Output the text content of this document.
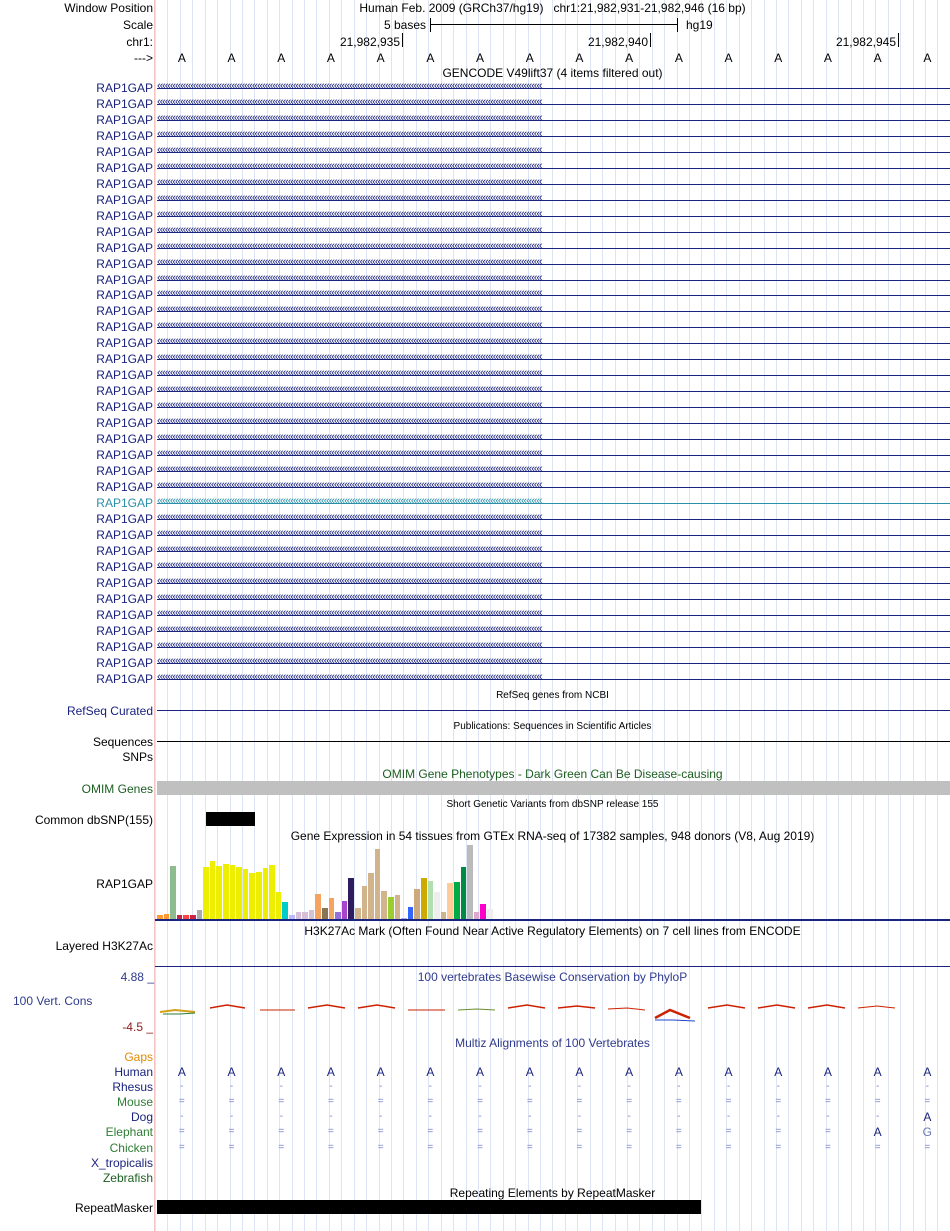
Window Position	Human Feb. 2009 (GRCh37/hg19)   chr1:21,982,931-21,982,946 (16 bp)
Scale	5 bases	hg19
chr1:	21,982,935	21,982,940	21,982,945
---> A	A	A	A	A	A	A	A	A	A	A	A	A	A	A	A
GENCODE V49lift37 (4 items filtered out)
RAP1GAP ‹‹‹‹‹‹‹‹‹‹‹‹‹‹‹‹‹‹‹‹‹‹‹‹‹‹‹‹‹‹‹‹‹‹‹‹‹‹‹‹‹‹‹‹‹‹‹‹‹‹‹‹‹‹‹‹‹‹‹‹‹‹‹‹‹‹‹‹‹‹‹‹‹‹‹‹‹‹‹‹‹‹‹‹‹‹‹‹‹‹‹‹‹‹‹‹‹‹‹‹‹‹‹‹‹‹‹‹‹‹‹‹‹‹‹‹‹‹‹‹‹‹‹‹‹‹‹‹‹‹‹‹‹‹‹‹‹‹‹‹‹‹‹‹‹‹‹‹‹‹
RAP1GAP ‹‹‹‹‹‹‹‹‹‹‹‹‹‹‹‹‹‹‹‹‹‹‹‹‹‹‹‹‹‹‹‹‹‹‹‹‹‹‹‹‹‹‹‹‹‹‹‹‹‹‹‹‹‹‹‹‹‹‹‹‹‹‹‹‹‹‹‹‹‹‹‹‹‹‹‹‹‹‹‹‹‹‹‹‹‹‹‹‹‹‹‹‹‹‹‹‹‹‹‹‹‹‹‹‹‹‹‹‹‹‹‹‹‹‹‹‹‹‹‹‹‹‹‹‹‹‹‹‹‹‹‹‹‹‹‹‹‹‹‹‹‹‹‹‹‹‹‹‹‹
RAP1GAP ‹‹‹‹‹‹‹‹‹‹‹‹‹‹‹‹‹‹‹‹‹‹‹‹‹‹‹‹‹‹‹‹‹‹‹‹‹‹‹‹‹‹‹‹‹‹‹‹‹‹‹‹‹‹‹‹‹‹‹‹‹‹‹‹‹‹‹‹‹‹‹‹‹‹‹‹‹‹‹‹‹‹‹‹‹‹‹‹‹‹‹‹‹‹‹‹‹‹‹‹‹‹‹‹‹‹‹‹‹‹‹‹‹‹‹‹‹‹‹‹‹‹‹‹‹‹‹‹‹‹‹‹‹‹‹‹‹‹‹‹‹‹‹‹‹‹‹‹‹‹
RAP1GAP ‹‹‹‹‹‹‹‹‹‹‹‹‹‹‹‹‹‹‹‹‹‹‹‹‹‹‹‹‹‹‹‹‹‹‹‹‹‹‹‹‹‹‹‹‹‹‹‹‹‹‹‹‹‹‹‹‹‹‹‹‹‹‹‹‹‹‹‹‹‹‹‹‹‹‹‹‹‹‹‹‹‹‹‹‹‹‹‹‹‹‹‹‹‹‹‹‹‹‹‹‹‹‹‹‹‹‹‹‹‹‹‹‹‹‹‹‹‹‹‹‹‹‹‹‹‹‹‹‹‹‹‹‹‹‹‹‹‹‹‹‹‹‹‹‹‹‹‹‹‹
RAP1GAP ‹‹‹‹‹‹‹‹‹‹‹‹‹‹‹‹‹‹‹‹‹‹‹‹‹‹‹‹‹‹‹‹‹‹‹‹‹‹‹‹‹‹‹‹‹‹‹‹‹‹‹‹‹‹‹‹‹‹‹‹‹‹‹‹‹‹‹‹‹‹‹‹‹‹‹‹‹‹‹‹‹‹‹‹‹‹‹‹‹‹‹‹‹‹‹‹‹‹‹‹‹‹‹‹‹‹‹‹‹‹‹‹‹‹‹‹‹‹‹‹‹‹‹‹‹‹‹‹‹‹‹‹‹‹‹‹‹‹‹‹‹‹‹‹‹‹‹‹‹‹
RAP1GAP ‹‹‹‹‹‹‹‹‹‹‹‹‹‹‹‹‹‹‹‹‹‹‹‹‹‹‹‹‹‹‹‹‹‹‹‹‹‹‹‹‹‹‹‹‹‹‹‹‹‹‹‹‹‹‹‹‹‹‹‹‹‹‹‹‹‹‹‹‹‹‹‹‹‹‹‹‹‹‹‹‹‹‹‹‹‹‹‹‹‹‹‹‹‹‹‹‹‹‹‹‹‹‹‹‹‹‹‹‹‹‹‹‹‹‹‹‹‹‹‹‹‹‹‹‹‹‹‹‹‹‹‹‹‹‹‹‹‹‹‹‹‹‹‹‹‹‹‹‹‹
RAP1GAP ‹‹‹‹‹‹‹‹‹‹‹‹‹‹‹‹‹‹‹‹‹‹‹‹‹‹‹‹‹‹‹‹‹‹‹‹‹‹‹‹‹‹‹‹‹‹‹‹‹‹‹‹‹‹‹‹‹‹‹‹‹‹‹‹‹‹‹‹‹‹‹‹‹‹‹‹‹‹‹‹‹‹‹‹‹‹‹‹‹‹‹‹‹‹‹‹‹‹‹‹‹‹‹‹‹‹‹‹‹‹‹‹‹‹‹‹‹‹‹‹‹‹‹‹‹‹‹‹‹‹‹‹‹‹‹‹‹‹‹‹‹‹‹‹‹‹‹‹‹‹
RAP1GAP ‹‹‹‹‹‹‹‹‹‹‹‹‹‹‹‹‹‹‹‹‹‹‹‹‹‹‹‹‹‹‹‹‹‹‹‹‹‹‹‹‹‹‹‹‹‹‹‹‹‹‹‹‹‹‹‹‹‹‹‹‹‹‹‹‹‹‹‹‹‹‹‹‹‹‹‹‹‹‹‹‹‹‹‹‹‹‹‹‹‹‹‹‹‹‹‹‹‹‹‹‹‹‹‹‹‹‹‹‹‹‹‹‹‹‹‹‹‹‹‹‹‹‹‹‹‹‹‹‹‹‹‹‹‹‹‹‹‹‹‹‹‹‹‹‹‹‹‹‹‹
RAP1GAP ‹‹‹‹‹‹‹‹‹‹‹‹‹‹‹‹‹‹‹‹‹‹‹‹‹‹‹‹‹‹‹‹‹‹‹‹‹‹‹‹‹‹‹‹‹‹‹‹‹‹‹‹‹‹‹‹‹‹‹‹‹‹‹‹‹‹‹‹‹‹‹‹‹‹‹‹‹‹‹‹‹‹‹‹‹‹‹‹‹‹‹‹‹‹‹‹‹‹‹‹‹‹‹‹‹‹‹‹‹‹‹‹‹‹‹‹‹‹‹‹‹‹‹‹‹‹‹‹‹‹‹‹‹‹‹‹‹‹‹‹‹‹‹‹‹‹‹‹‹‹
RAP1GAP ‹‹‹‹‹‹‹‹‹‹‹‹‹‹‹‹‹‹‹‹‹‹‹‹‹‹‹‹‹‹‹‹‹‹‹‹‹‹‹‹‹‹‹‹‹‹‹‹‹‹‹‹‹‹‹‹‹‹‹‹‹‹‹‹‹‹‹‹‹‹‹‹‹‹‹‹‹‹‹‹‹‹‹‹‹‹‹‹‹‹‹‹‹‹‹‹‹‹‹‹‹‹‹‹‹‹‹‹‹‹‹‹‹‹‹‹‹‹‹‹‹‹‹‹‹‹‹‹‹‹‹‹‹‹‹‹‹‹‹‹‹‹‹‹‹‹‹‹‹‹
RAP1GAP ‹‹‹‹‹‹‹‹‹‹‹‹‹‹‹‹‹‹‹‹‹‹‹‹‹‹‹‹‹‹‹‹‹‹‹‹‹‹‹‹‹‹‹‹‹‹‹‹‹‹‹‹‹‹‹‹‹‹‹‹‹‹‹‹‹‹‹‹‹‹‹‹‹‹‹‹‹‹‹‹‹‹‹‹‹‹‹‹‹‹‹‹‹‹‹‹‹‹‹‹‹‹‹‹‹‹‹‹‹‹‹‹‹‹‹‹‹‹‹‹‹‹‹‹‹‹‹‹‹‹‹‹‹‹‹‹‹‹‹‹‹‹‹‹‹‹‹‹‹‹
RAP1GAP ‹‹‹‹‹‹‹‹‹‹‹‹‹‹‹‹‹‹‹‹‹‹‹‹‹‹‹‹‹‹‹‹‹‹‹‹‹‹‹‹‹‹‹‹‹‹‹‹‹‹‹‹‹‹‹‹‹‹‹‹‹‹‹‹‹‹‹‹‹‹‹‹‹‹‹‹‹‹‹‹‹‹‹‹‹‹‹‹‹‹‹‹‹‹‹‹‹‹‹‹‹‹‹‹‹‹‹‹‹‹‹‹‹‹‹‹‹‹‹‹‹‹‹‹‹‹‹‹‹‹‹‹‹‹‹‹‹‹‹‹‹‹‹‹‹‹‹‹‹‹
RAP1GAP ‹‹‹‹‹‹‹‹‹‹‹‹‹‹‹‹‹‹‹‹‹‹‹‹‹‹‹‹‹‹‹‹‹‹‹‹‹‹‹‹‹‹‹‹‹‹‹‹‹‹‹‹‹‹‹‹‹‹‹‹‹‹‹‹‹‹‹‹‹‹‹‹‹‹‹‹‹‹‹‹‹‹‹‹‹‹‹‹‹‹‹‹‹‹‹‹‹‹‹‹‹‹‹‹‹‹‹‹‹‹‹‹‹‹‹‹‹‹‹‹‹‹‹‹‹‹‹‹‹‹‹‹‹‹‹‹‹‹‹‹‹‹‹‹‹‹‹‹‹‹
RAP1GAP ‹‹‹‹‹‹‹‹‹‹‹‹‹‹‹‹‹‹‹‹‹‹‹‹‹‹‹‹‹‹‹‹‹‹‹‹‹‹‹‹‹‹‹‹‹‹‹‹‹‹‹‹‹‹‹‹‹‹‹‹‹‹‹‹‹‹‹‹‹‹‹‹‹‹‹‹‹‹‹‹‹‹‹‹‹‹‹‹‹‹‹‹‹‹‹‹‹‹‹‹‹‹‹‹‹‹‹‹‹‹‹‹‹‹‹‹‹‹‹‹‹‹‹‹‹‹‹‹‹‹‹‹‹‹‹‹‹‹‹‹‹‹‹‹‹‹‹‹‹‹
RAP1GAP ‹‹‹‹‹‹‹‹‹‹‹‹‹‹‹‹‹‹‹‹‹‹‹‹‹‹‹‹‹‹‹‹‹‹‹‹‹‹‹‹‹‹‹‹‹‹‹‹‹‹‹‹‹‹‹‹‹‹‹‹‹‹‹‹‹‹‹‹‹‹‹‹‹‹‹‹‹‹‹‹‹‹‹‹‹‹‹‹‹‹‹‹‹‹‹‹‹‹‹‹‹‹‹‹‹‹‹‹‹‹‹‹‹‹‹‹‹‹‹‹‹‹‹‹‹‹‹‹‹‹‹‹‹‹‹‹‹‹‹‹‹‹‹‹‹‹‹‹‹‹
RAP1GAP ‹‹‹‹‹‹‹‹‹‹‹‹‹‹‹‹‹‹‹‹‹‹‹‹‹‹‹‹‹‹‹‹‹‹‹‹‹‹‹‹‹‹‹‹‹‹‹‹‹‹‹‹‹‹‹‹‹‹‹‹‹‹‹‹‹‹‹‹‹‹‹‹‹‹‹‹‹‹‹‹‹‹‹‹‹‹‹‹‹‹‹‹‹‹‹‹‹‹‹‹‹‹‹‹‹‹‹‹‹‹‹‹‹‹‹‹‹‹‹‹‹‹‹‹‹‹‹‹‹‹‹‹‹‹‹‹‹‹‹‹‹‹‹‹‹‹‹‹‹‹
RAP1GAP ‹‹‹‹‹‹‹‹‹‹‹‹‹‹‹‹‹‹‹‹‹‹‹‹‹‹‹‹‹‹‹‹‹‹‹‹‹‹‹‹‹‹‹‹‹‹‹‹‹‹‹‹‹‹‹‹‹‹‹‹‹‹‹‹‹‹‹‹‹‹‹‹‹‹‹‹‹‹‹‹‹‹‹‹‹‹‹‹‹‹‹‹‹‹‹‹‹‹‹‹‹‹‹‹‹‹‹‹‹‹‹‹‹‹‹‹‹‹‹‹‹‹‹‹‹‹‹‹‹‹‹‹‹‹‹‹‹‹‹‹‹‹‹‹‹‹‹‹‹‹
RAP1GAP ‹‹‹‹‹‹‹‹‹‹‹‹‹‹‹‹‹‹‹‹‹‹‹‹‹‹‹‹‹‹‹‹‹‹‹‹‹‹‹‹‹‹‹‹‹‹‹‹‹‹‹‹‹‹‹‹‹‹‹‹‹‹‹‹‹‹‹‹‹‹‹‹‹‹‹‹‹‹‹‹‹‹‹‹‹‹‹‹‹‹‹‹‹‹‹‹‹‹‹‹‹‹‹‹‹‹‹‹‹‹‹‹‹‹‹‹‹‹‹‹‹‹‹‹‹‹‹‹‹‹‹‹‹‹‹‹‹‹‹‹‹‹‹‹‹‹‹‹‹‹
RAP1GAP ‹‹‹‹‹‹‹‹‹‹‹‹‹‹‹‹‹‹‹‹‹‹‹‹‹‹‹‹‹‹‹‹‹‹‹‹‹‹‹‹‹‹‹‹‹‹‹‹‹‹‹‹‹‹‹‹‹‹‹‹‹‹‹‹‹‹‹‹‹‹‹‹‹‹‹‹‹‹‹‹‹‹‹‹‹‹‹‹‹‹‹‹‹‹‹‹‹‹‹‹‹‹‹‹‹‹‹‹‹‹‹‹‹‹‹‹‹‹‹‹‹‹‹‹‹‹‹‹‹‹‹‹‹‹‹‹‹‹‹‹‹‹‹‹‹‹‹‹‹‹
RAP1GAP ‹‹‹‹‹‹‹‹‹‹‹‹‹‹‹‹‹‹‹‹‹‹‹‹‹‹‹‹‹‹‹‹‹‹‹‹‹‹‹‹‹‹‹‹‹‹‹‹‹‹‹‹‹‹‹‹‹‹‹‹‹‹‹‹‹‹‹‹‹‹‹‹‹‹‹‹‹‹‹‹‹‹‹‹‹‹‹‹‹‹‹‹‹‹‹‹‹‹‹‹‹‹‹‹‹‹‹‹‹‹‹‹‹‹‹‹‹‹‹‹‹‹‹‹‹‹‹‹‹‹‹‹‹‹‹‹‹‹‹‹‹‹‹‹‹‹‹‹‹‹
RAP1GAP ‹‹‹‹‹‹‹‹‹‹‹‹‹‹‹‹‹‹‹‹‹‹‹‹‹‹‹‹‹‹‹‹‹‹‹‹‹‹‹‹‹‹‹‹‹‹‹‹‹‹‹‹‹‹‹‹‹‹‹‹‹‹‹‹‹‹‹‹‹‹‹‹‹‹‹‹‹‹‹‹‹‹‹‹‹‹‹‹‹‹‹‹‹‹‹‹‹‹‹‹‹‹‹‹‹‹‹‹‹‹‹‹‹‹‹‹‹‹‹‹‹‹‹‹‹‹‹‹‹‹‹‹‹‹‹‹‹‹‹‹‹‹‹‹‹‹‹‹‹‹
RAP1GAP ‹‹‹‹‹‹‹‹‹‹‹‹‹‹‹‹‹‹‹‹‹‹‹‹‹‹‹‹‹‹‹‹‹‹‹‹‹‹‹‹‹‹‹‹‹‹‹‹‹‹‹‹‹‹‹‹‹‹‹‹‹‹‹‹‹‹‹‹‹‹‹‹‹‹‹‹‹‹‹‹‹‹‹‹‹‹‹‹‹‹‹‹‹‹‹‹‹‹‹‹‹‹‹‹‹‹‹‹‹‹‹‹‹‹‹‹‹‹‹‹‹‹‹‹‹‹‹‹‹‹‹‹‹‹‹‹‹‹‹‹‹‹‹‹‹‹‹‹‹‹
RAP1GAP ‹‹‹‹‹‹‹‹‹‹‹‹‹‹‹‹‹‹‹‹‹‹‹‹‹‹‹‹‹‹‹‹‹‹‹‹‹‹‹‹‹‹‹‹‹‹‹‹‹‹‹‹‹‹‹‹‹‹‹‹‹‹‹‹‹‹‹‹‹‹‹‹‹‹‹‹‹‹‹‹‹‹‹‹‹‹‹‹‹‹‹‹‹‹‹‹‹‹‹‹‹‹‹‹‹‹‹‹‹‹‹‹‹‹‹‹‹‹‹‹‹‹‹‹‹‹‹‹‹‹‹‹‹‹‹‹‹‹‹‹‹‹‹‹‹‹‹‹‹‹
RAP1GAP ‹‹‹‹‹‹‹‹‹‹‹‹‹‹‹‹‹‹‹‹‹‹‹‹‹‹‹‹‹‹‹‹‹‹‹‹‹‹‹‹‹‹‹‹‹‹‹‹‹‹‹‹‹‹‹‹‹‹‹‹‹‹‹‹‹‹‹‹‹‹‹‹‹‹‹‹‹‹‹‹‹‹‹‹‹‹‹‹‹‹‹‹‹‹‹‹‹‹‹‹‹‹‹‹‹‹‹‹‹‹‹‹‹‹‹‹‹‹‹‹‹‹‹‹‹‹‹‹‹‹‹‹‹‹‹‹‹‹‹‹‹‹‹‹‹‹‹‹‹‹
RAP1GAP ‹‹‹‹‹‹‹‹‹‹‹‹‹‹‹‹‹‹‹‹‹‹‹‹‹‹‹‹‹‹‹‹‹‹‹‹‹‹‹‹‹‹‹‹‹‹‹‹‹‹‹‹‹‹‹‹‹‹‹‹‹‹‹‹‹‹‹‹‹‹‹‹‹‹‹‹‹‹‹‹‹‹‹‹‹‹‹‹‹‹‹‹‹‹‹‹‹‹‹‹‹‹‹‹‹‹‹‹‹‹‹‹‹‹‹‹‹‹‹‹‹‹‹‹‹‹‹‹‹‹‹‹‹‹‹‹‹‹‹‹‹‹‹‹‹‹‹‹‹‹
RAP1GAP ‹‹‹‹‹‹‹‹‹‹‹‹‹‹‹‹‹‹‹‹‹‹‹‹‹‹‹‹‹‹‹‹‹‹‹‹‹‹‹‹‹‹‹‹‹‹‹‹‹‹‹‹‹‹‹‹‹‹‹‹‹‹‹‹‹‹‹‹‹‹‹‹‹‹‹‹‹‹‹‹‹‹‹‹‹‹‹‹‹‹‹‹‹‹‹‹‹‹‹‹‹‹‹‹‹‹‹‹‹‹‹‹‹‹‹‹‹‹‹‹‹‹‹‹‹‹‹‹‹‹‹‹‹‹‹‹‹‹‹‹‹‹‹‹‹‹‹‹‹‹
RAP1GAP ‹‹‹‹‹‹‹‹‹‹‹‹‹‹‹‹‹‹‹‹‹‹‹‹‹‹‹‹‹‹‹‹‹‹‹‹‹‹‹‹‹‹‹‹‹‹‹‹‹‹‹‹‹‹‹‹‹‹‹‹‹‹‹‹‹‹‹‹‹‹‹‹‹‹‹‹‹‹‹‹‹‹‹‹‹‹‹‹‹‹‹‹‹‹‹‹‹‹‹‹‹‹‹‹‹‹‹‹‹‹‹‹‹‹‹‹‹‹‹‹‹‹‹‹‹‹‹‹‹‹‹‹‹‹‹‹‹‹‹‹‹‹‹‹‹‹‹‹‹‹
RAP1GAP ‹‹‹‹‹‹‹‹‹‹‹‹‹‹‹‹‹‹‹‹‹‹‹‹‹‹‹‹‹‹‹‹‹‹‹‹‹‹‹‹‹‹‹‹‹‹‹‹‹‹‹‹‹‹‹‹‹‹‹‹‹‹‹‹‹‹‹‹‹‹‹‹‹‹‹‹‹‹‹‹‹‹‹‹‹‹‹‹‹‹‹‹‹‹‹‹‹‹‹‹‹‹‹‹‹‹‹‹‹‹‹‹‹‹‹‹‹‹‹‹‹‹‹‹‹‹‹‹‹‹‹‹‹‹‹‹‹‹‹‹‹‹‹‹‹‹‹‹‹‹
RAP1GAP ‹‹‹‹‹‹‹‹‹‹‹‹‹‹‹‹‹‹‹‹‹‹‹‹‹‹‹‹‹‹‹‹‹‹‹‹‹‹‹‹‹‹‹‹‹‹‹‹‹‹‹‹‹‹‹‹‹‹‹‹‹‹‹‹‹‹‹‹‹‹‹‹‹‹‹‹‹‹‹‹‹‹‹‹‹‹‹‹‹‹‹‹‹‹‹‹‹‹‹‹‹‹‹‹‹‹‹‹‹‹‹‹‹‹‹‹‹‹‹‹‹‹‹‹‹‹‹‹‹‹‹‹‹‹‹‹‹‹‹‹‹‹‹‹‹‹‹‹‹‹
RAP1GAP ‹‹‹‹‹‹‹‹‹‹‹‹‹‹‹‹‹‹‹‹‹‹‹‹‹‹‹‹‹‹‹‹‹‹‹‹‹‹‹‹‹‹‹‹‹‹‹‹‹‹‹‹‹‹‹‹‹‹‹‹‹‹‹‹‹‹‹‹‹‹‹‹‹‹‹‹‹‹‹‹‹‹‹‹‹‹‹‹‹‹‹‹‹‹‹‹‹‹‹‹‹‹‹‹‹‹‹‹‹‹‹‹‹‹‹‹‹‹‹‹‹‹‹‹‹‹‹‹‹‹‹‹‹‹‹‹‹‹‹‹‹‹‹‹‹‹‹‹‹‹
RAP1GAP ‹‹‹‹‹‹‹‹‹‹‹‹‹‹‹‹‹‹‹‹‹‹‹‹‹‹‹‹‹‹‹‹‹‹‹‹‹‹‹‹‹‹‹‹‹‹‹‹‹‹‹‹‹‹‹‹‹‹‹‹‹‹‹‹‹‹‹‹‹‹‹‹‹‹‹‹‹‹‹‹‹‹‹‹‹‹‹‹‹‹‹‹‹‹‹‹‹‹‹‹‹‹‹‹‹‹‹‹‹‹‹‹‹‹‹‹‹‹‹‹‹‹‹‹‹‹‹‹‹‹‹‹‹‹‹‹‹‹‹‹‹‹‹‹‹‹‹‹‹‹
RAP1GAP ‹‹‹‹‹‹‹‹‹‹‹‹‹‹‹‹‹‹‹‹‹‹‹‹‹‹‹‹‹‹‹‹‹‹‹‹‹‹‹‹‹‹‹‹‹‹‹‹‹‹‹‹‹‹‹‹‹‹‹‹‹‹‹‹‹‹‹‹‹‹‹‹‹‹‹‹‹‹‹‹‹‹‹‹‹‹‹‹‹‹‹‹‹‹‹‹‹‹‹‹‹‹‹‹‹‹‹‹‹‹‹‹‹‹‹‹‹‹‹‹‹‹‹‹‹‹‹‹‹‹‹‹‹‹‹‹‹‹‹‹‹‹‹‹‹‹‹‹‹‹
RAP1GAP ‹‹‹‹‹‹‹‹‹‹‹‹‹‹‹‹‹‹‹‹‹‹‹‹‹‹‹‹‹‹‹‹‹‹‹‹‹‹‹‹‹‹‹‹‹‹‹‹‹‹‹‹‹‹‹‹‹‹‹‹‹‹‹‹‹‹‹‹‹‹‹‹‹‹‹‹‹‹‹‹‹‹‹‹‹‹‹‹‹‹‹‹‹‹‹‹‹‹‹‹‹‹‹‹‹‹‹‹‹‹‹‹‹‹‹‹‹‹‹‹‹‹‹‹‹‹‹‹‹‹‹‹‹‹‹‹‹‹‹‹‹‹‹‹‹‹‹‹‹‹
RAP1GAP ‹‹‹‹‹‹‹‹‹‹‹‹‹‹‹‹‹‹‹‹‹‹‹‹‹‹‹‹‹‹‹‹‹‹‹‹‹‹‹‹‹‹‹‹‹‹‹‹‹‹‹‹‹‹‹‹‹‹‹‹‹‹‹‹‹‹‹‹‹‹‹‹‹‹‹‹‹‹‹‹‹‹‹‹‹‹‹‹‹‹‹‹‹‹‹‹‹‹‹‹‹‹‹‹‹‹‹‹‹‹‹‹‹‹‹‹‹‹‹‹‹‹‹‹‹‹‹‹‹‹‹‹‹‹‹‹‹‹‹‹‹‹‹‹‹‹‹‹‹‹
RAP1GAP ‹‹‹‹‹‹‹‹‹‹‹‹‹‹‹‹‹‹‹‹‹‹‹‹‹‹‹‹‹‹‹‹‹‹‹‹‹‹‹‹‹‹‹‹‹‹‹‹‹‹‹‹‹‹‹‹‹‹‹‹‹‹‹‹‹‹‹‹‹‹‹‹‹‹‹‹‹‹‹‹‹‹‹‹‹‹‹‹‹‹‹‹‹‹‹‹‹‹‹‹‹‹‹‹‹‹‹‹‹‹‹‹‹‹‹‹‹‹‹‹‹‹‹‹‹‹‹‹‹‹‹‹‹‹‹‹‹‹‹‹‹‹‹‹‹‹‹‹‹‹
RAP1GAP ‹‹‹‹‹‹‹‹‹‹‹‹‹‹‹‹‹‹‹‹‹‹‹‹‹‹‹‹‹‹‹‹‹‹‹‹‹‹‹‹‹‹‹‹‹‹‹‹‹‹‹‹‹‹‹‹‹‹‹‹‹‹‹‹‹‹‹‹‹‹‹‹‹‹‹‹‹‹‹‹‹‹‹‹‹‹‹‹‹‹‹‹‹‹‹‹‹‹‹‹‹‹‹‹‹‹‹‹‹‹‹‹‹‹‹‹‹‹‹‹‹‹‹‹‹‹‹‹‹‹‹‹‹‹‹‹‹‹‹‹‹‹‹‹‹‹‹‹‹‹
RAP1GAP ‹‹‹‹‹‹‹‹‹‹‹‹‹‹‹‹‹‹‹‹‹‹‹‹‹‹‹‹‹‹‹‹‹‹‹‹‹‹‹‹‹‹‹‹‹‹‹‹‹‹‹‹‹‹‹‹‹‹‹‹‹‹‹‹‹‹‹‹‹‹‹‹‹‹‹‹‹‹‹‹‹‹‹‹‹‹‹‹‹‹‹‹‹‹‹‹‹‹‹‹‹‹‹‹‹‹‹‹‹‹‹‹‹‹‹‹‹‹‹‹‹‹‹‹‹‹‹‹‹‹‹‹‹‹‹‹‹‹‹‹‹‹‹‹‹‹‹‹‹‹
RAP1GAP ‹‹‹‹‹‹‹‹‹‹‹‹‹‹‹‹‹‹‹‹‹‹‹‹‹‹‹‹‹‹‹‹‹‹‹‹‹‹‹‹‹‹‹‹‹‹‹‹‹‹‹‹‹‹‹‹‹‹‹‹‹‹‹‹‹‹‹‹‹‹‹‹‹‹‹‹‹‹‹‹‹‹‹‹‹‹‹‹‹‹‹‹‹‹‹‹‹‹‹‹‹‹‹‹‹‹‹‹‹‹‹‹‹‹‹‹‹‹‹‹‹‹‹‹‹‹‹‹‹‹‹‹‹‹‹‹‹‹‹‹‹‹‹‹‹‹‹‹‹‹
RefSeq genes from NCBI
RefSeq Curated
Publications: Sequences in Scientific Articles
Sequences
SNPs
OMIM Gene Phenotypes - Dark Green Can Be Disease-causing
OMIM Genes
Short Genetic Variants from dbSNP release 155
Common dbSNP(155)
Gene Expression in 54 tissues from GTEx RNA-seq of 17382 samples, 948 donors (V8, Aug 2019)
RAP1GAP
H3K27Ac Mark (Often Found Near Active Regulatory Elements) on 7 cell lines from ENCODE
Layered H3K27Ac
100 vertebrates Basewise Conservation by PhyloP
4.88 _
100 Vert. Cons
-4.5 _
Multiz Alignments of 100 Vertebrates
Gaps
Human A	A	A	A	A	A	A	A	A	A	A	A	A	A	A	A
Rhesus	-	-	-	-	-	-	-	-	-	-	-	-	-	-	-	-
Mouse	=	=	=	=	=	=	=	=	=	=	=	=	=	=	=	=
Dog	-	-	-	-	-	-	-	-	-	-	-	-	-	-	-	A
Elephant	=	=	=	=	=	=	=	=	=	=	=	=	=	=	A	G
Chicken	=	=	=	=	=	=	=	=	=	=	=	=	=	=	=	=
X_tropicalis
Zebrafish
Repeating Elements by RepeatMasker
RepeatMasker
